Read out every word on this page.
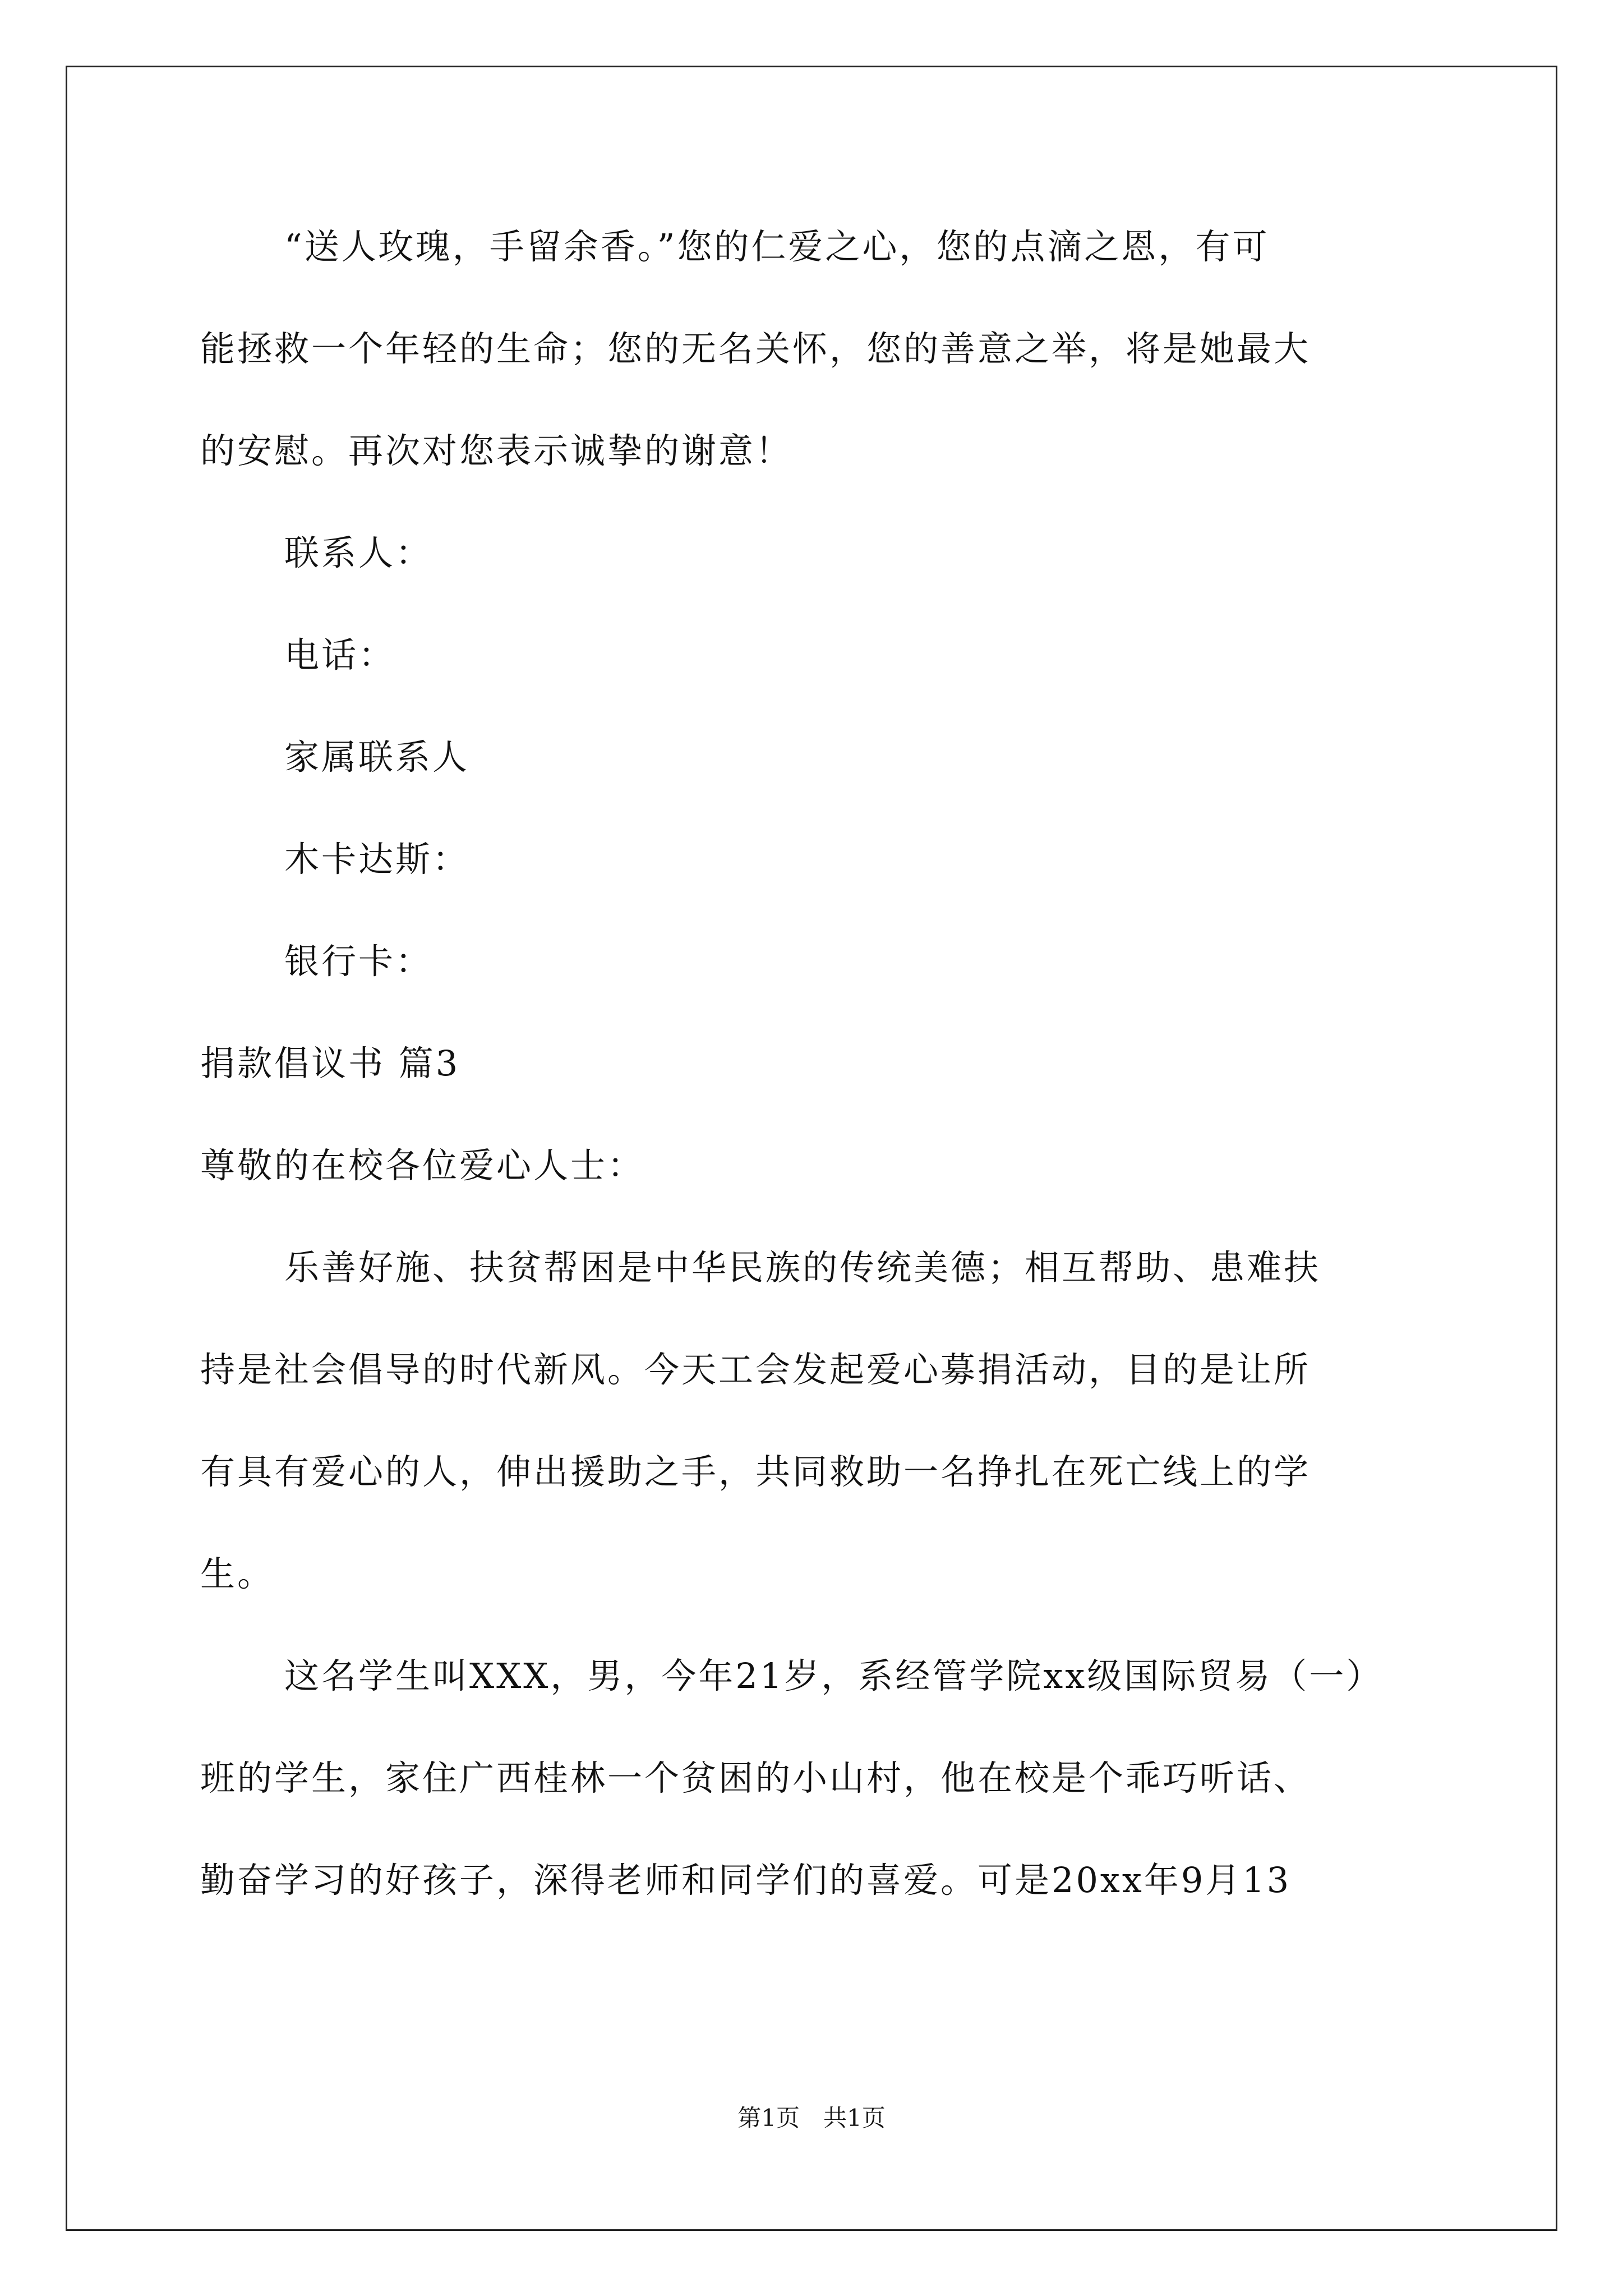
“送人玫瑰，手留余香。”您的仁爱之心，您的点滴之恩，有可
能拯救一个年轻的生命；您的无名关怀，您的善意之举，将是她最大
的安慰。再次对您表示诚挚的谢意！
联系人：
电话：
家属联系人
木卡达斯：
银行卡：
捐款倡议书 篇3
尊敬的在校各位爱心人士：
乐善好施、扶贫帮困是中华民族的传统美德；相互帮助、患难扶
持是社会倡导的时代新风。今天工会发起爱心募捐活动，目的是让所
有具有爱心的人，伸出援助之手，共同救助一名挣扎在死亡线上的学
生。
这名学生叫XXX，男，今年21岁，系经管学院xx级国际贸易（一）
班的学生，家住广西桂林一个贫困的小山村，他在校是个乖巧听话、
勤奋学习的好孩子，深得老师和同学们的喜爱。可是20xx年9月13
第1页　共1页
